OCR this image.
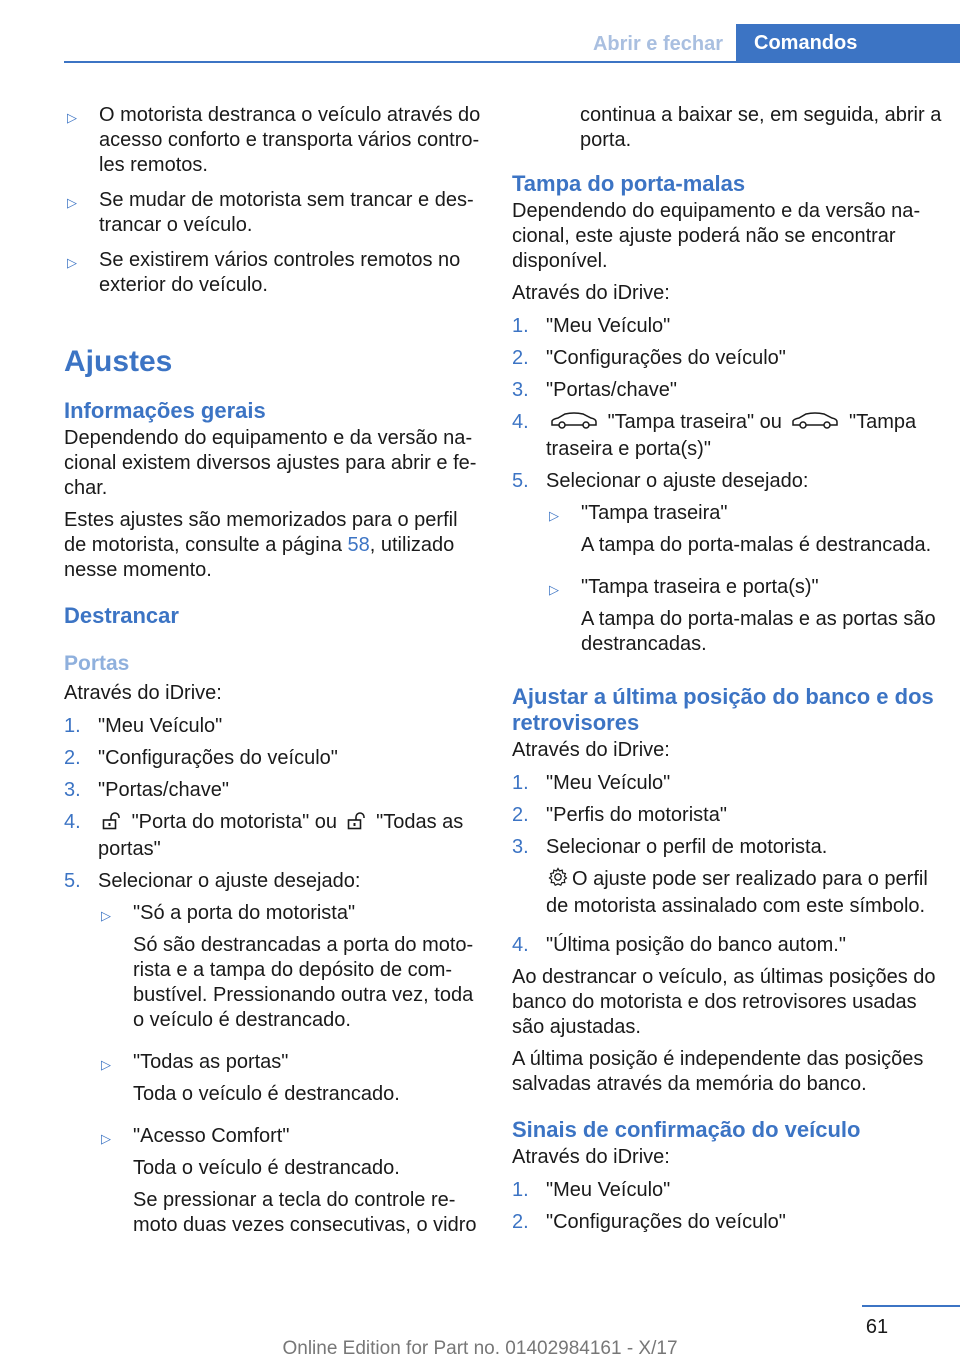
Abrir e fechar	Comandos
▷	O motorista destranca o veículo através do acesso conforto e transporta vários controles remotos.
▷	Se mudar de motorista sem trancar e destrancar o veículo.
▷	Se existirem vários controles remotos no exterior do veículo.
Ajustes
Informações gerais

Dependendo do equipamento e da versão nacional existem diversos ajustes para abrir e fechar.

Estes ajustes são memorizados para o perfil de motorista, consulte a página 58, utilizado nesse momento.

Destrancar
Portas

Através do iDrive:

1. "Meu Veículo"
2. "Configurações do veículo"
3. "Portas/chave"
4.	"Porta do motorista" ou "Todas as portas"
5. Selecionar o ajuste desejado:
▷	"Só a porta do motorista"

Só são destrancadas a porta do motorista e a tampa do depósito de combustível. Pressionando outra vez, toda o veículo é destrancado.

▷	"Todas as portas"

Toda o veículo é destrancado.

▷	"Acesso Comfort"

Toda o veículo é destrancado.

Se pressionar a tecla do controle remoto duas vezes consecutivas, o vidro

continua a baixar se, em seguida, abrir a porta.
Tampa do porta-malas

Dependendo do equipamento e da versão nacional, este ajuste poderá não se encontrar disponível.

Através do iDrive:

1. "Meu Veículo"
2. "Configurações do veículo"
3. "Portas/chave"
4.	"Tampa traseira" ou	"Tampa traseira e porta(s)"
5. Selecionar o ajuste desejado:
▷	"Tampa traseira"

A tampa do porta-malas é destrancada.

▷	"Tampa traseira e porta(s)"

A tampa do porta-malas e as portas são destrancadas.

Ajustar a última posição do banco e dos retrovisores

Através do iDrive:

1. "Meu Veículo"
2. "Perfis do motorista"
3. Selecionar o perfil de motorista.

O ajuste pode ser realizado para o perfil de motorista assinalado com este símbolo.

4. "Última posição do banco autom."

Ao destrancar o veículo, as últimas posições do banco do motorista e dos retrovisores usadas são ajustadas.

A última posição é independente das posições salvadas através da memória do banco.

Sinais de confirmação do veículo

Através do iDrive:

1. "Meu Veículo"
2. "Configurações do veículo"
61
Online Edition for Part no. 01402984161 - X/17
